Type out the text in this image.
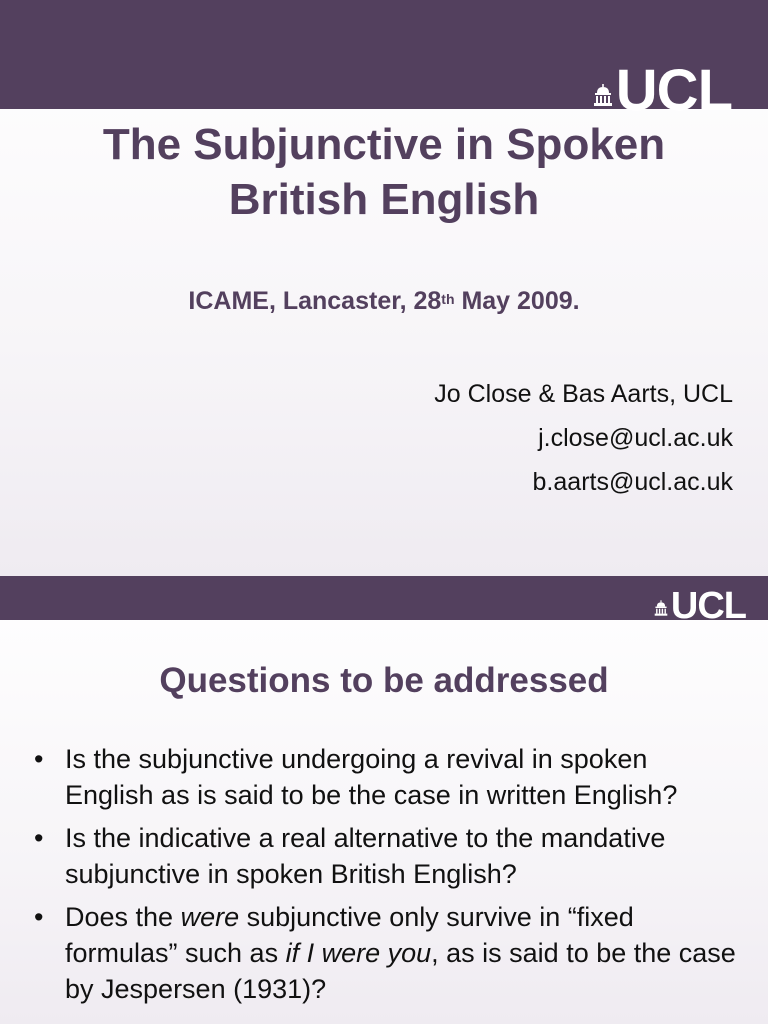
UCL
The Subjunctive in Spoken
British English
ICAME, Lancaster, 28th May 2009.
Jo Close & Bas Aarts, UCL
j.close@ucl.ac.uk
b.aarts@ucl.ac.uk
UCL
Questions to be addressed
• Is the subjunctive undergoing a revival in spoken English as is said to be the case in written English?
• Is the indicative a real alternative to the mandative subjunctive in spoken British English?
• Does the were subjunctive only survive in “fixed formulas” such as if I were you, as is said to be the case by Jespersen (1931)?
